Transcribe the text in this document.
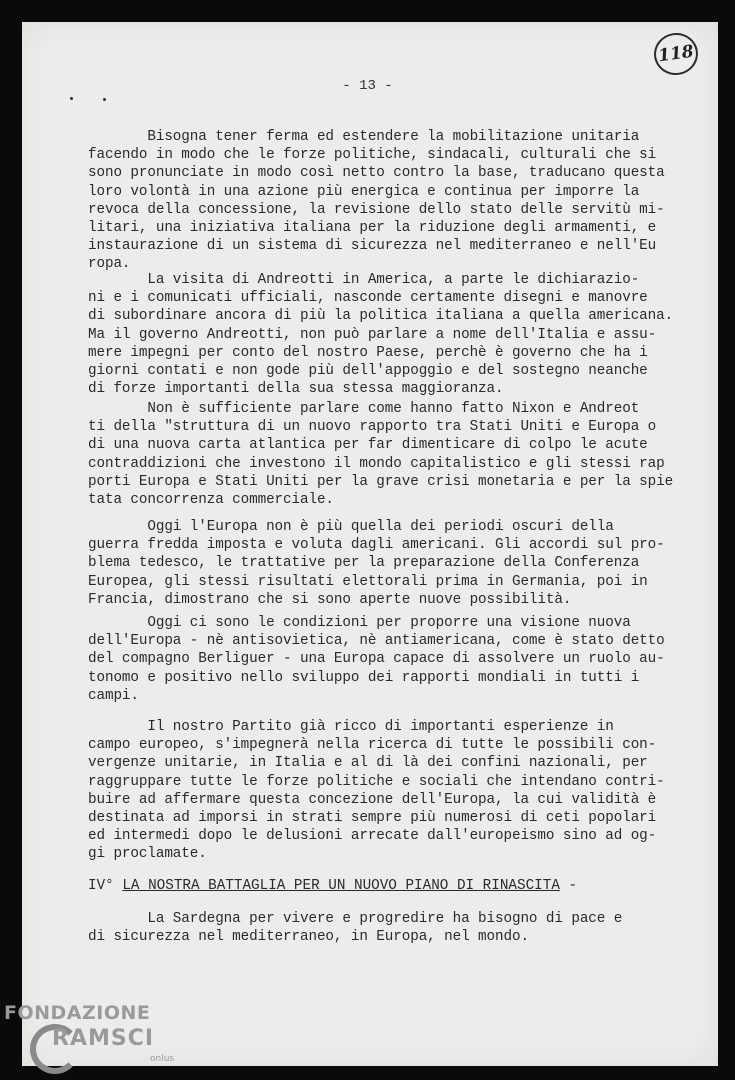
118
- 13 -

Bisogna tener ferma ed estendere la mobilitazione unitaria
facendo in modo che le forze politiche, sindacali, culturali che si
sono pronunciate in modo così netto contro la base, traducano questa
loro volontà in una azione più energica e continua per imporre la
revoca della concessione, la revisione dello stato delle servitù mi-
litari, una iniziativa italiana per la riduzione degli armamenti, e
instaurazione di un sistema di sicurezza nel mediterraneo e nell'Eu
ropa.

La visita di Andreotti in America, a parte le dichiarazio-
ni e i comunicati ufficiali, nasconde certamente disegni e manovre
di subordinare ancora di più la politica italiana a quella americana.
Ma il governo Andreotti, non può parlare a nome dell'Italia e assu-
mere impegni per conto del nostro Paese, perchè è governo che ha i
giorni contati e non gode più dell'appoggio e del sostegno neanche
di forze importanti della sua stessa maggioranza.

Non è sufficiente parlare come hanno fatto Nixon e Andreot
ti della "struttura di un nuovo rapporto tra Stati Uniti e Europa o
di una nuova carta atlantica per far dimenticare di colpo le acute
contraddizioni che investono il mondo capitalistico e gli stessi rap
porti Europa e Stati Uniti per la grave crisi monetaria e per la spie
tata concorrenza commerciale.

Oggi l'Europa non è più quella dei periodi oscuri della
guerra fredda imposta e voluta dagli americani. Gli accordi sul pro-
blema tedesco, le trattative per la preparazione della Conferenza
Europea, gli stessi risultati elettorali prima in Germania, poi in
Francia, dimostrano che si sono aperte nuove possibilità.

Oggi ci sono le condizioni per proporre una visione nuova
dell'Europa - nè antisovietica, nè antiamericana, come è stato detto
del compagno Berliguer - una Europa capace di assolvere un ruolo au-
tonomo e positivo nello sviluppo dei rapporti mondiali in tutti i
campi.

Il nostro Partito già ricco di importanti esperienze in
campo europeo, s'impegnerà nella ricerca di tutte le possibili con-
vergenze unitarie, in Italia e al di là dei confini nazionali, per
raggruppare tutte le forze politiche e sociali che intendano contri-
buire ad affermare questa concezione dell'Europa, la cui validità è
destinata ad imporsi in strati sempre più numerosi di ceti popolari
ed intermedi dopo le delusioni arrecate dall'europeismo sino ad og-
gi proclamate.

IV° LA NOSTRA BATTAGLIA PER UN NUOVO PIANO DI RINASCITA -

La Sardegna per vivere e progredire ha bisogno di pace e
di sicurezza nel mediterraneo, in Europa, nel mondo.

FONDAZIONE
RAMSCI
onlus
